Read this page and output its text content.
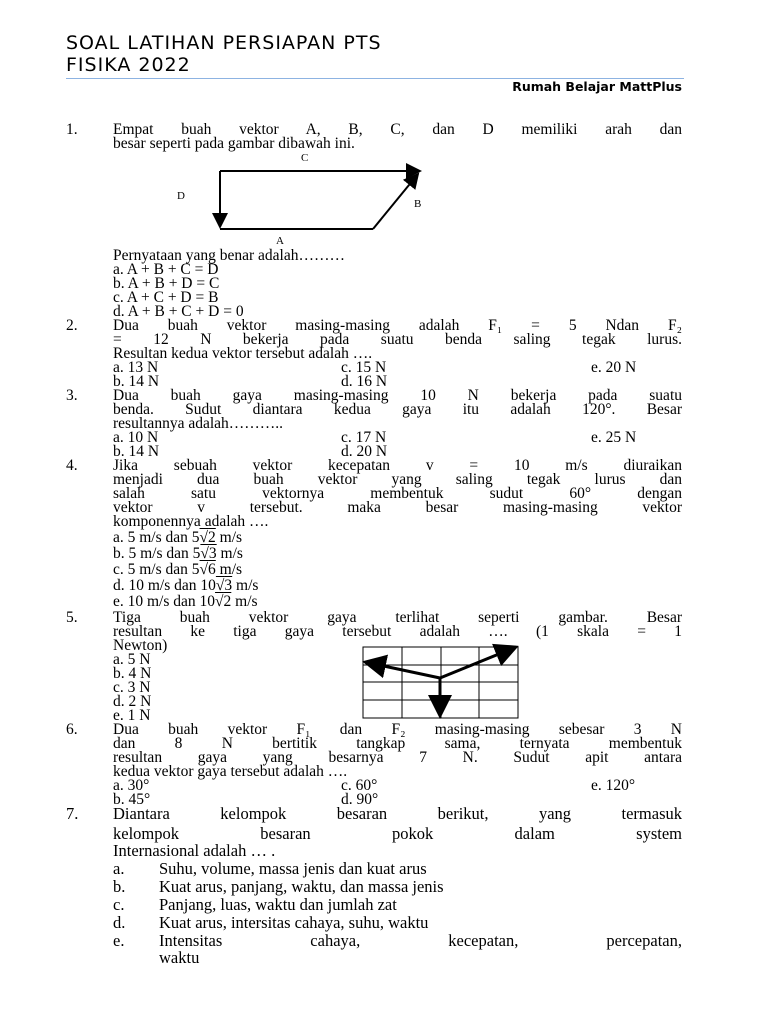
SOAL LATIHAN PERSIAPAN PTS
FISIKA 2022
Rumah Belajar MattPlus
1. Empat buah vektor A, B, C, dan D memiliki arah dan
besar seperti pada gambar dibawah ini.
C
D
B
A
Pernyataan yang benar adalah………
a. A + B + C = D
b. A + B + D = C
c. A + C + D = B
d. A + B + C + D = 0
2. Dua buah vektor masing-masing adalah F₁ = 5 Ndan F₂
= 12 N bekerja pada suatu benda saling tegak lurus.
Resultan kedua vektor tersebut adalah ….
a. 13 N	c. 15 N	e. 20 N
b. 14 N	d. 16 N
3. Dua buah gaya masing-masing 10 N bekerja pada suatu
benda. Sudut diantara kedua gaya itu adalah 120°. Besar
resultannya adalah………..
a. 10 N	c. 17 N	e. 25 N
b. 14 N	d. 20 N
4. Jika sebuah vektor kecepatan v = 10 m/s diuraikan
menjadi dua buah vektor yang saling tegak lurus dan
salah satu vektornya membentuk sudut 60° dengan
vektor v tersebut. maka besar masing-masing vektor
komponennya adalah ….
a. 5 m/s dan 5√2 m/s
b. 5 m/s dan 5√3 m/s
c. 5 m/s dan 5√6 m/s
d. 10 m/s dan 10√3 m/s
e. 10 m/s dan 10√2 m/s
5. Tiga buah vektor gaya terlihat seperti gambar. Besar
resultan ke tiga gaya tersebut adalah …. (1 skala = 1
Newton)
a. 5 N
b. 4 N
c. 3 N
d. 2 N
e. 1 N
6. Dua buah vektor F₁ dan F₂ masing-masing sebesar 3 N
dan 8 N bertitik tangkap sama, ternyata membentuk
resultan gaya yang besarnya 7 N. Sudut apit antara
kedua vektor gaya tersebut adalah ….
a. 30°	c. 60°	e. 120°
b. 45°	d. 90°
7. Diantara kelompok besaran berikut, yang termasuk
kelompok besaran pokok dalam system
Internasional adalah … .
a. Suhu, volume, massa jenis dan kuat arus
b. Kuat arus, panjang, waktu, dan massa jenis
c. Panjang, luas, waktu dan jumlah zat
d. Kuat arus, intersitas cahaya, suhu, waktu
e. Intensitas cahaya, kecepatan, percepatan,
waktu
